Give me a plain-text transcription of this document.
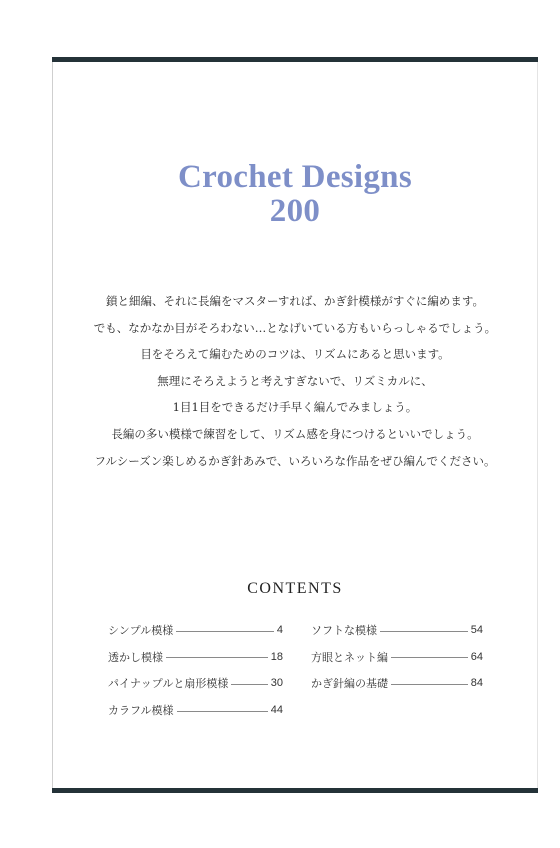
Crochet Designs
200
鎖と細編、それに長編をマスターすれば、かぎ針模様がすぐに編めます。
でも、なかなか目がそろわない…となげいている方もいらっしゃるでしょう。
目をそろえて編むためのコツは、リズムにあると思います。
無理にそろえようと考えすぎないで、リズミカルに、
1目1目をできるだけ手早く編んでみましょう。
長編の多い模様で練習をして、リズム感を身につけるといいでしょう。
フルシーズン楽しめるかぎ針あみで、いろいろな作品をぜひ編んでください。
CONTENTS
シンプル模様	4
透かし模様	18
パイナップルと扇形模様	30
カラフル模様	44
ソフトな模様	54
方眼とネット編	64
かぎ針編の基礎	84
